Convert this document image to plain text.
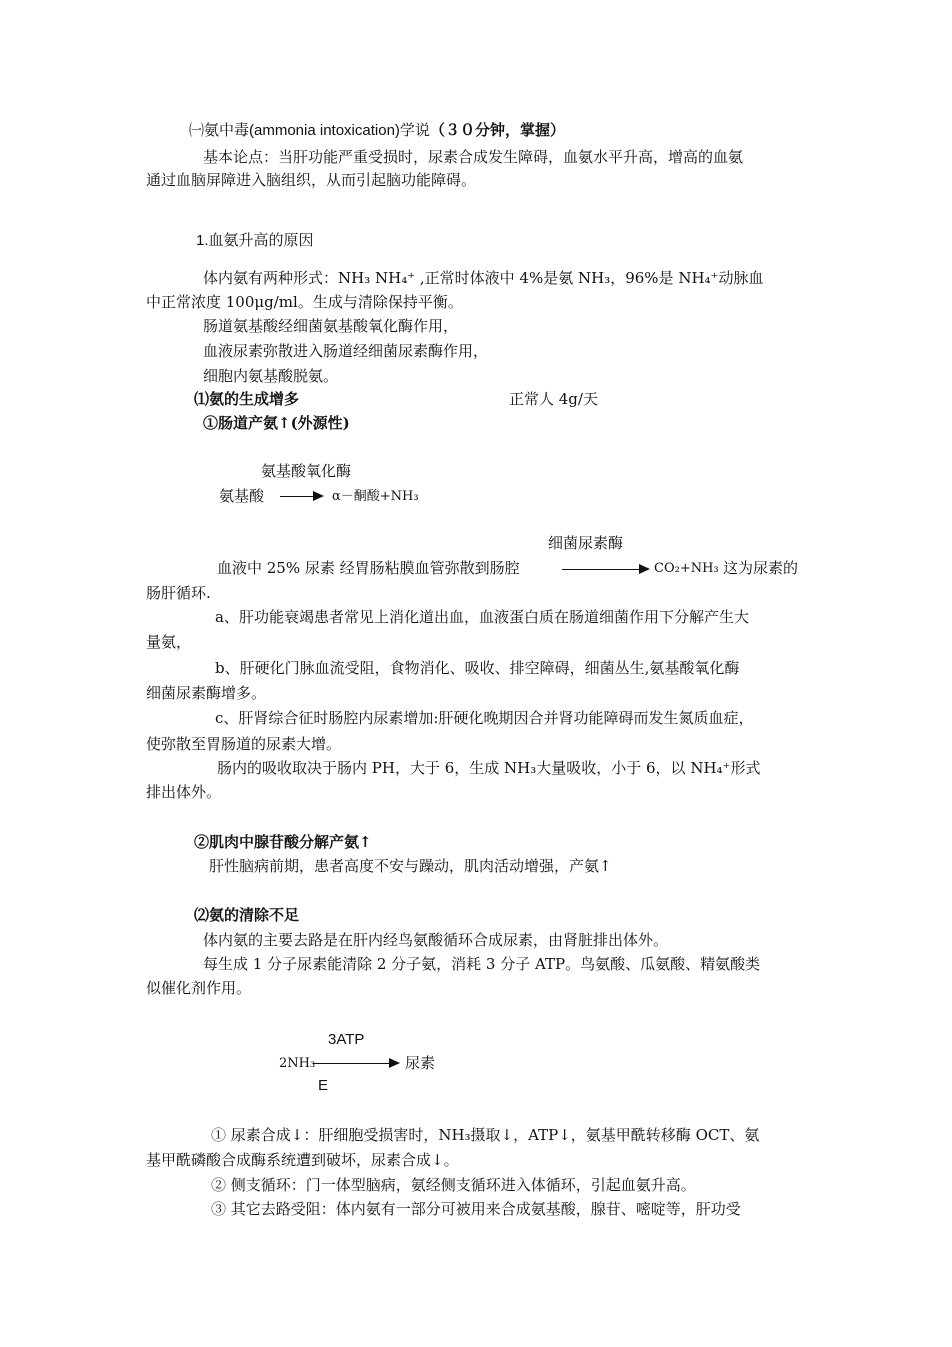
㈠氨中毒(ammonia intoxication)学说（３０分钟，掌握）
基本论点：当肝功能严重受损时，尿素合成发生障碍，血氨水平升高，增高的血氨
通过血脑屏障进入脑组织，从而引起脑功能障碍。
1.血氨升高的原因
体内氨有两种形式：NH₃ NH₄⁺ ,正常时体液中 4%是氨 NH₃，96%是 NH₄⁺动脉血
中正常浓度 100μg/ml。生成与清除保持平衡。
肠道氨基酸经细菌氨基酸氧化酶作用，
血液尿素弥散进入肠道经细菌尿素酶作用，
细胞内氨基酸脱氨。
⑴氨的生成增多	正常人 4g/天
①肠道产氨↑(外源性)
氨基酸氧化酶
氨基酸	α－酮酸+NH₃
细菌尿素酶
血液中 25% 尿素 经胃肠粘膜血管弥散到肠腔	CO₂+NH₃ 这为尿素的
肠肝循环.
a、肝功能衰竭患者常见上消化道出血，血液蛋白质在肠道细菌作用下分解产生大
量氨，
b、肝硬化门脉血流受阻，食物消化、吸收、排空障碍，细菌丛生,氨基酸氧化酶
细菌尿素酶增多。
c、肝肾综合征时肠腔内尿素增加:肝硬化晚期因合并肾功能障碍而发生氮质血症，
使弥散至胃肠道的尿素大增。
肠内的吸收取决于肠内 PH，大于 6，生成 NH₃大量吸收，小于 6，以 NH₄⁺形式
排出体外。
②肌肉中腺苷酸分解产氨↑
肝性脑病前期，患者高度不安与躁动，肌肉活动增强，产氨↑
⑵氨的清除不足
体内氨的主要去路是在肝内经鸟氨酸循环合成尿素，由肾脏排出体外。
每生成 1 分子尿素能清除 2 分子氨，消耗 3 分子 ATP。鸟氨酸、瓜氨酸、精氨酸类
似催化剂作用。
3ATP
2NH₃	尿素
E
① 尿素合成↓：肝细胞受损害时，NH₃摄取↓，ATP↓，氨基甲酰转移酶 OCT、氨
基甲酰磷酸合成酶系统遭到破坏，尿素合成↓。
② 侧支循环：门一体型脑病，氨经侧支循环进入体循环，引起血氨升高。
③ 其它去路受阻：体内氨有一部分可被用来合成氨基酸，腺苷、嘧啶等，肝功受
